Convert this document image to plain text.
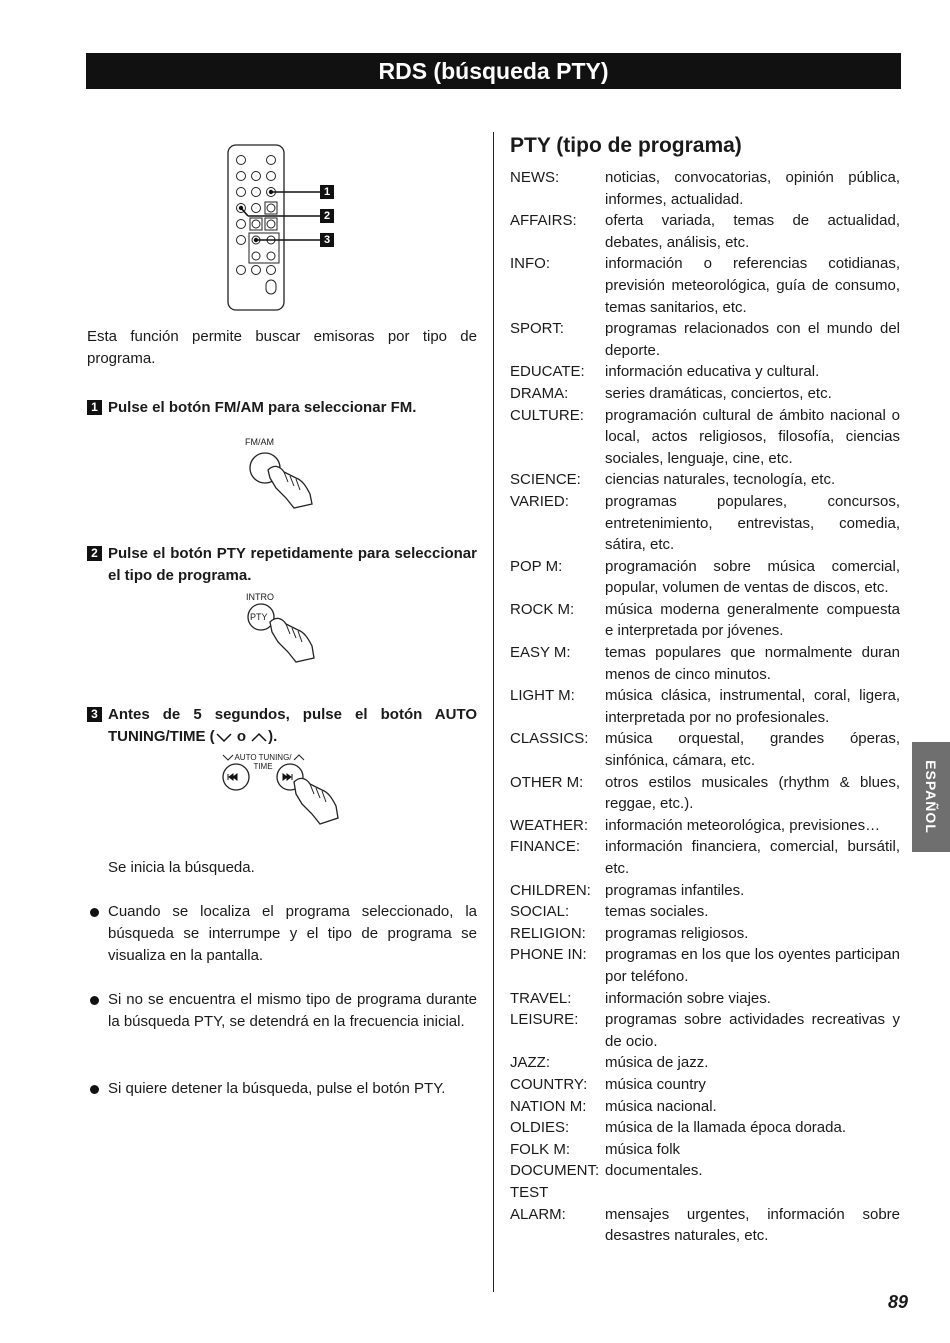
RDS (búsqueda PTY)
1
2
3
Esta función permite buscar emisoras por tipo de programa.
1 Pulse el botón FM/AM para seleccionar FM.
FM/AM
2 Pulse el botón PTY repetidamente para seleccionar el tipo de programa.
INTRO
PTY
3 Antes de 5 segundos, pulse el botón AUTO TUNING/TIME ( o ).
AUTO TUNING/ TIME
Se inicia la búsqueda.
Cuando se localiza el programa seleccionado, la búsqueda se interrumpe y el tipo de programa se visualiza en la pantalla.
Si no se encuentra el mismo tipo de programa durante la búsqueda PTY, se detendrá en la frecuencia inicial.
Si quiere detener la búsqueda, pulse el botón PTY.
PTY (tipo de programa)
NEWS:	noticias, convocatorias, opinión pública, informes, actualidad.
AFFAIRS:	oferta variada, temas de actualidad, debates, análisis, etc.
INFO:	información o referencias cotidianas, previsión meteorológica, guía de consumo, temas sanitarios, etc.
SPORT:	programas relacionados con el mundo del deporte.
EDUCATE:	información educativa y cultural.
DRAMA:	series dramáticas, conciertos, etc.
CULTURE:	programación cultural de ámbito nacional o local, actos religiosos, filosofía, ciencias sociales, lenguaje, cine, etc.
SCIENCE:	ciencias naturales, tecnología, etc.
VARIED:	programas populares, concursos, entretenimiento, entrevistas, comedia, sátira, etc.
POP M:	programación sobre música comercial, popular, volumen de ventas de discos, etc.
ROCK M:	música moderna generalmente compuesta e interpretada por jóvenes.
EASY M:	temas populares que normalmente duran menos de cinco minutos.
LIGHT M:	música clásica, instrumental, coral, ligera, interpretada por no profesionales.
CLASSICS:	música orquestal, grandes óperas, sinfónica, cámara, etc.
OTHER M:	otros estilos musicales (rhythm & blues, reggae, etc.).
WEATHER:	información meteorológica, previsiones…
FINANCE:	información financiera, comercial, bursátil, etc.
CHILDREN: programas infantiles.
SOCIAL:	temas sociales.
RELIGION:	programas religiosos.
PHONE IN:	programas en los que los oyentes participan por teléfono.
TRAVEL:	información sobre viajes.
LEISURE:	programas sobre actividades recreativas y de ocio.
JAZZ:	música de jazz.
COUNTRY:	música country
NATION M:	música nacional.
OLDIES:	música de la llamada época dorada.
FOLK M:	música folk
DOCUMENT: documentales.
TEST

ALARM:	mensajes urgentes, información sobre desastres naturales, etc.
ESPAÑOL
89
